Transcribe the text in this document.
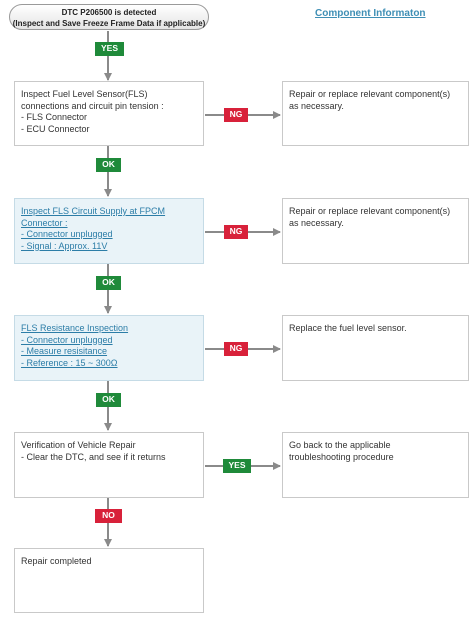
DTC P206500 is detected
(Inspect and Save Freeze Frame Data if applicable)
Component Informaton
Inspect Fuel Level Sensor(FLS)
connections and circuit pin tension :
- FLS Connector
- ECU Connector
Inspect FLS Circuit Supply at FPCM
Connector :
- Connector unplugged
- Signal : Approx. 11V
FLS Resistance Inspection
- Connector unplugged
- Measure resisitance
- Reference : 15 ~ 300Ω
Verification of Vehicle Repair
- Clear the DTC, and see if it returns
Repair completed
Repair or replace relevant component(s)
as necessary.
Repair or replace relevant component(s)
as necessary.
Replace the fuel level sensor.
Go back to the applicable
troubleshooting procedure
YES
OK
OK
OK
NO
NG
NG
NG
YES
